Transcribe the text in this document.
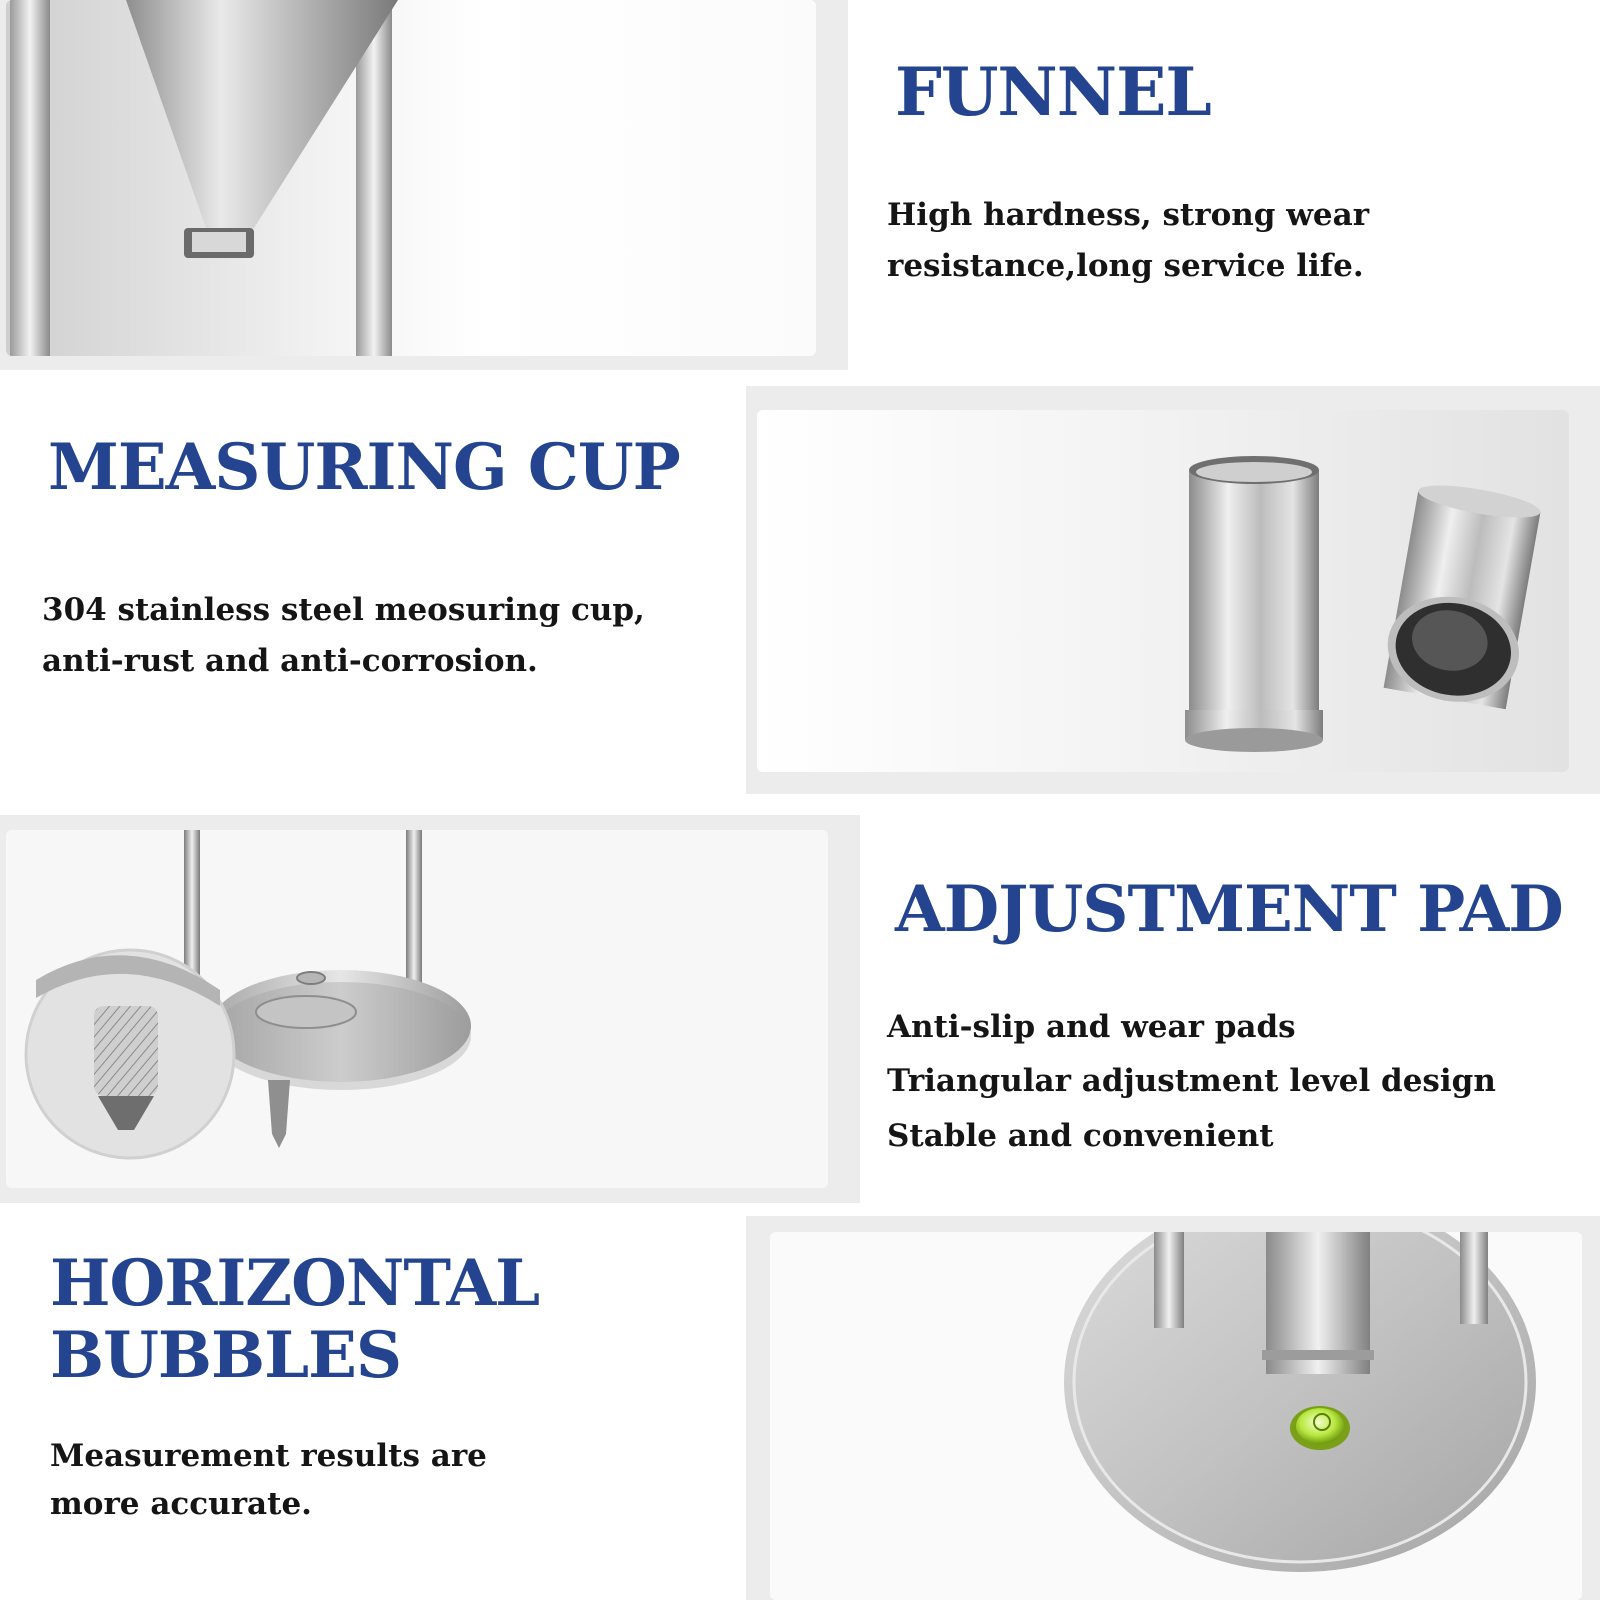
FUNNEL

High hardness, strong wear
resistance,long service life.

MEASURING CUP

304 stainless steel meosuring cup,
anti-rust and anti-corrosion.

ADJUSTMENT PAD

Anti-slip and wear pads
Triangular adjustment level design
Stable and convenient

HORIZONTAL
BUBBLES

Measurement results are
more accurate.
